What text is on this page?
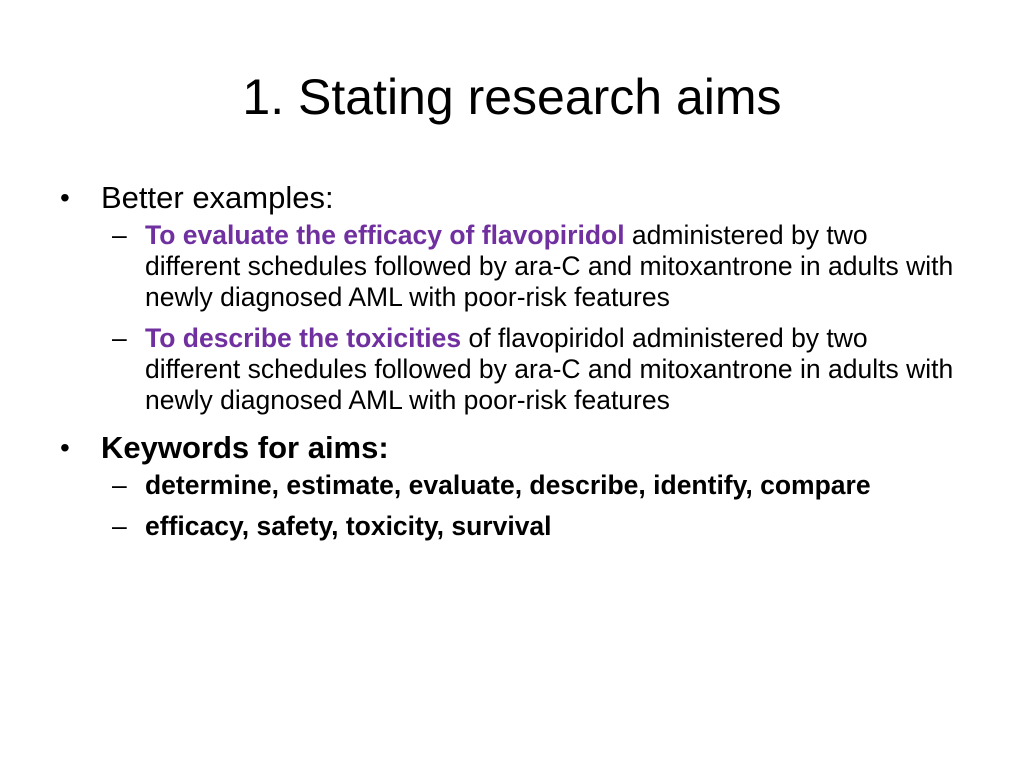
1. Stating research aims

• Better examples:

– To evaluate the efficacy of flavopiridol administered by two different schedules followed by ara-C and mitoxantrone in adults with newly diagnosed AML with poor-risk features

– To describe the toxicities of flavopiridol administered by two different schedules followed by ara-C and mitoxantrone in adults with newly diagnosed AML with poor-risk features

• Keywords for aims:

– determine, estimate, evaluate, describe, identify, compare

– efficacy, safety, toxicity, survival
